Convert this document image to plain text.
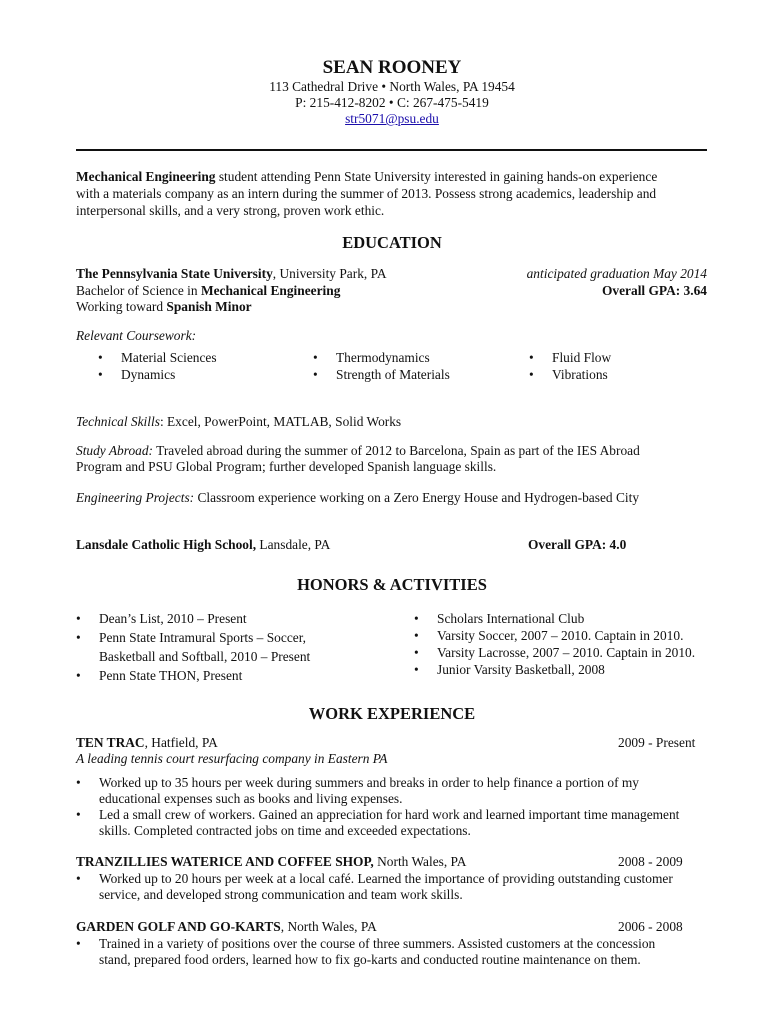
SEAN ROONEY
113 Cathedral Drive • North Wales, PA 19454
P: 215-412-8202 • C: 267-475-5419
str5071@psu.edu
Mechanical Engineering student attending Penn State University interested in gaining hands-on experience
with a materials company as an intern during the summer of 2013. Possess strong academics, leadership and
interpersonal skills, and a very strong, proven work ethic.
EDUCATION
The Pennsylvania State University, University Park, PA	anticipated graduation May 2014
Bachelor of Science in Mechanical Engineering	Overall GPA: 3.64
Working toward Spanish Minor
Relevant Coursework:
• Material Sciences
• Dynamics
• Thermodynamics
• Strength of Materials
• Fluid Flow
• Vibrations
Technical Skills: Excel, PowerPoint, MATLAB, Solid Works
Study Abroad: Traveled abroad during the summer of 2012 to Barcelona, Spain as part of the IES Abroad
Program and PSU Global Program; further developed Spanish language skills.
Engineering Projects: Classroom experience working on a Zero Energy House and Hydrogen-based City
Lansdale Catholic High School, Lansdale, PA	Overall GPA: 4.0
HONORS & ACTIVITIES
• Dean’s List, 2010 – Present
• Penn State Intramural Sports – Soccer,
Basketball and Softball, 2010 – Present
• Penn State THON, Present
• Scholars International Club
• Varsity Soccer, 2007 – 2010. Captain in 2010.
• Varsity Lacrosse, 2007 – 2010. Captain in 2010.
• Junior Varsity Basketball, 2008
WORK EXPERIENCE
TEN TRAC, Hatfield, PA	2009 - Present
A leading tennis court resurfacing company in Eastern PA
• Worked up to 35 hours per week during summers and breaks in order to help finance a portion of my
educational expenses such as books and living expenses.
• Led a small crew of workers. Gained an appreciation for hard work and learned important time management
skills. Completed contracted jobs on time and exceeded expectations.
TRANZILLIES WATERICE AND COFFEE SHOP, North Wales, PA	2008 - 2009
• Worked up to 20 hours per week at a local café. Learned the importance of providing outstanding customer
service, and developed strong communication and team work skills.
GARDEN GOLF AND GO-KARTS, North Wales, PA	2006 - 2008
• Trained in a variety of positions over the course of three summers. Assisted customers at the concession
stand, prepared food orders, learned how to fix go-karts and conducted routine maintenance on them.
